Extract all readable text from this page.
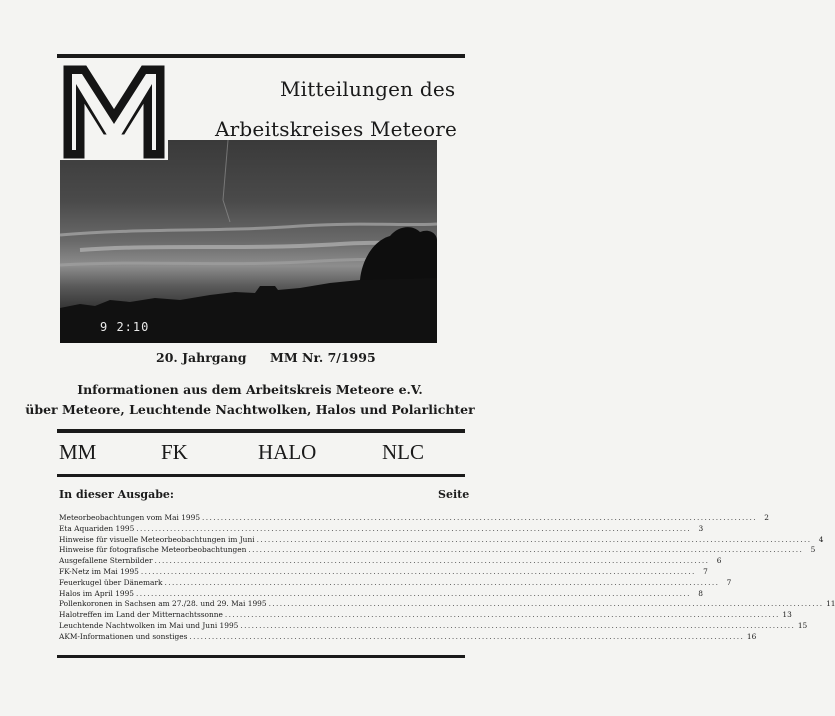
9 2:10
Mitteilungen des
Arbeitskreises Meteore
20. Jahrgang MM Nr. 7/1995
Informationen aus dem Arbeitskreis Meteore e.V.
über Meteore, Leuchtende Nachtwolken, Halos und Polarlichter
MM	FK	HALO	NLC
In dieser Ausgabe:	Seite
Meteorbeobachtungen vom Mai 1995 .................................................................................................................................................... 2
Eta Aquariden 1995 .................................................................................................................................................... 3
Hinweise für visuelle Meteorbeobachtungen im Juni .................................................................................................................................................... 4
Hinweise für fotografische Meteorbeobachtungen .................................................................................................................................................... 5
Ausgefallene Sternbilder .................................................................................................................................................... 6
FK-Netz im Mai 1995 .................................................................................................................................................... 7
Feuerkugel über Dänemark .................................................................................................................................................... 7
Halos im April 1995 .................................................................................................................................................... 8
Pollenkoronen in Sachsen am 27./28. und 29. Mai 1995 .................................................................................................................................................... 11
Halotreffen im Land der Mitternachtssonne .................................................................................................................................................... 13
Leuchtende Nachtwolken im Mai und Juni 1995 .................................................................................................................................................... 15
AKM-Informationen und sonstiges .................................................................................................................................................... 16
